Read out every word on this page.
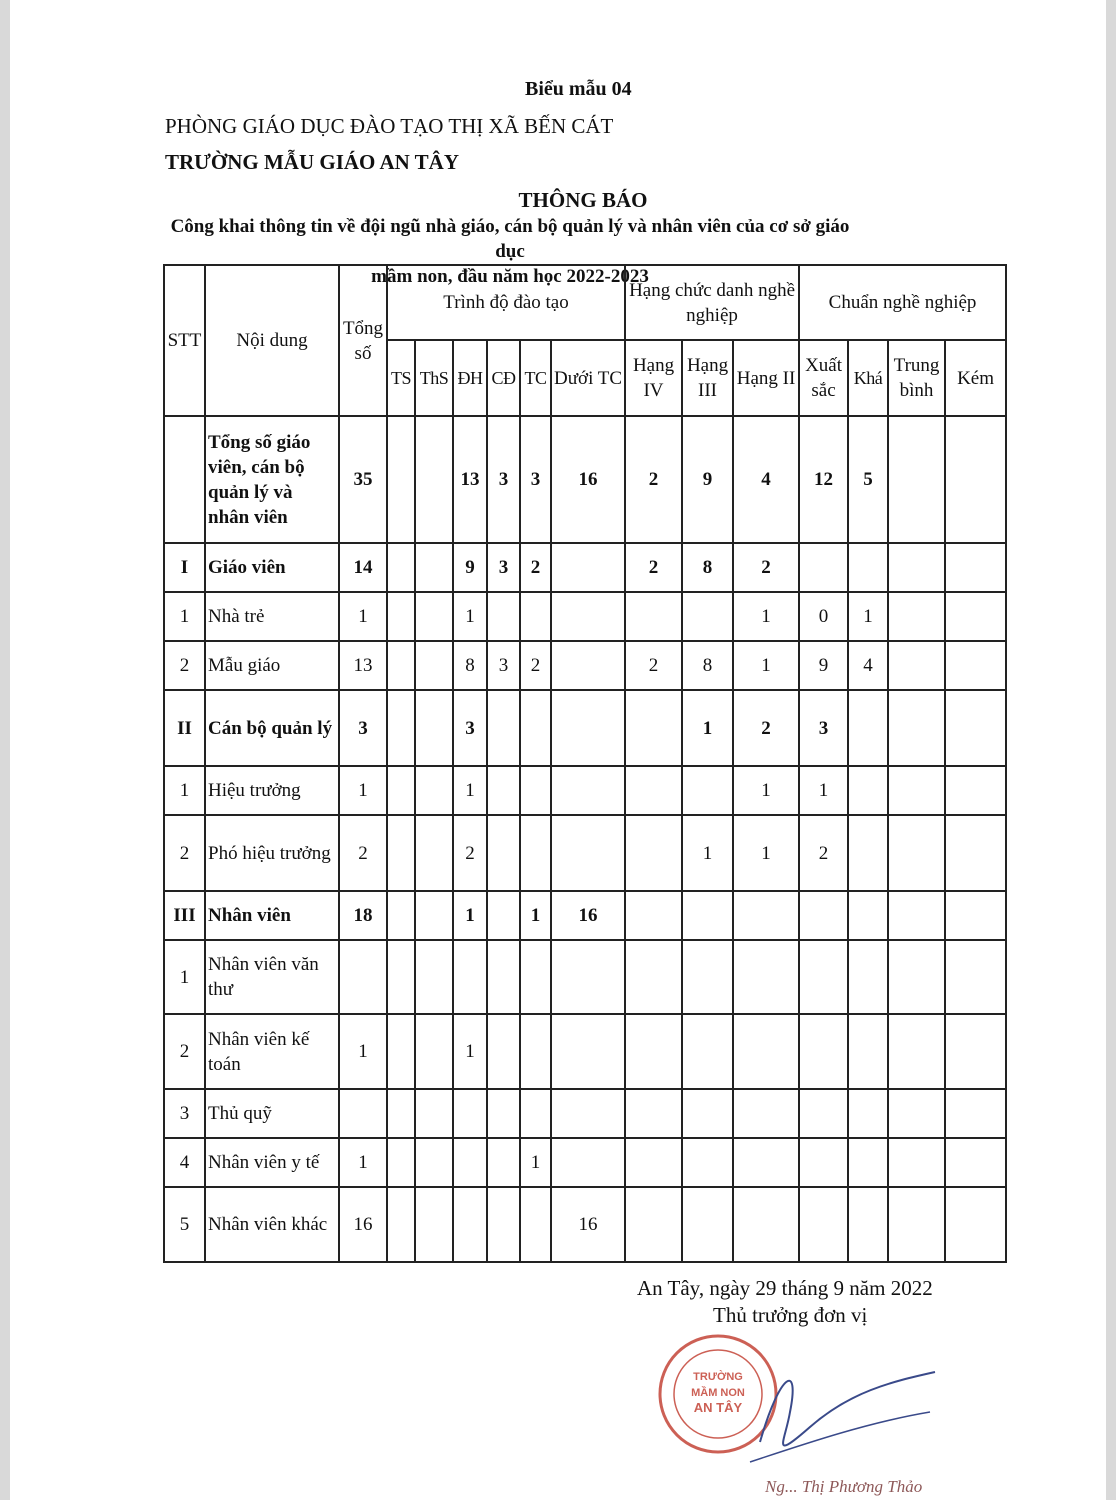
Biểu mẫu 04
PHÒNG GIÁO DỤC ĐÀO TẠO THỊ XÃ BẾN CÁT
TRƯỜNG MẪU GIÁO AN TÂY
THÔNG BÁO
Công khai thông tin về đội ngũ nhà giáo, cán bộ quản lý và nhân viên của cơ sở giáo dục
mầm non, đầu năm học 2022-2023
STT	Nội dung	Tổng số	Trình độ đào tạo						Hạng chức danh nghề nghiệp			Chuẩn nghề nghiệp			
			TS	ThS	ĐH	CĐ	TC	Dưới TC	Hạng IV	Hạng III	Hạng II	Xuất sắc	Khá	Trung bình	Kém
	Tổng số giáo viên, cán bộ quản lý và nhân viên	35			13	3	3	16	2	9	4	12	5		
I	Giáo viên	14			9	3	2		2	8	2				
1	Nhà trẻ	1			1						1	0	1		
2	Mẫu giáo	13			8	3	2		2	8	1	9	4		
II	Cán bộ quản lý	3			3					1	2	3			
1	Hiệu trưởng	1			1						1	1			
2	Phó hiệu trưởng	2			2					1	1	2			
III	Nhân viên	18			1		1	16							
1	Nhân viên văn thư														
2	Nhân viên kế toán	1			1										
3	Thủ quỹ														
4	Nhân viên y tế	1					1								
5	Nhân viên khác	16						16							
An Tây, ngày 29 tháng 9 năm 2022
Thủ trưởng đơn vị
TRƯỜNG
MẦM NON
AN TÂY
Ng... Thị Phương Thảo
